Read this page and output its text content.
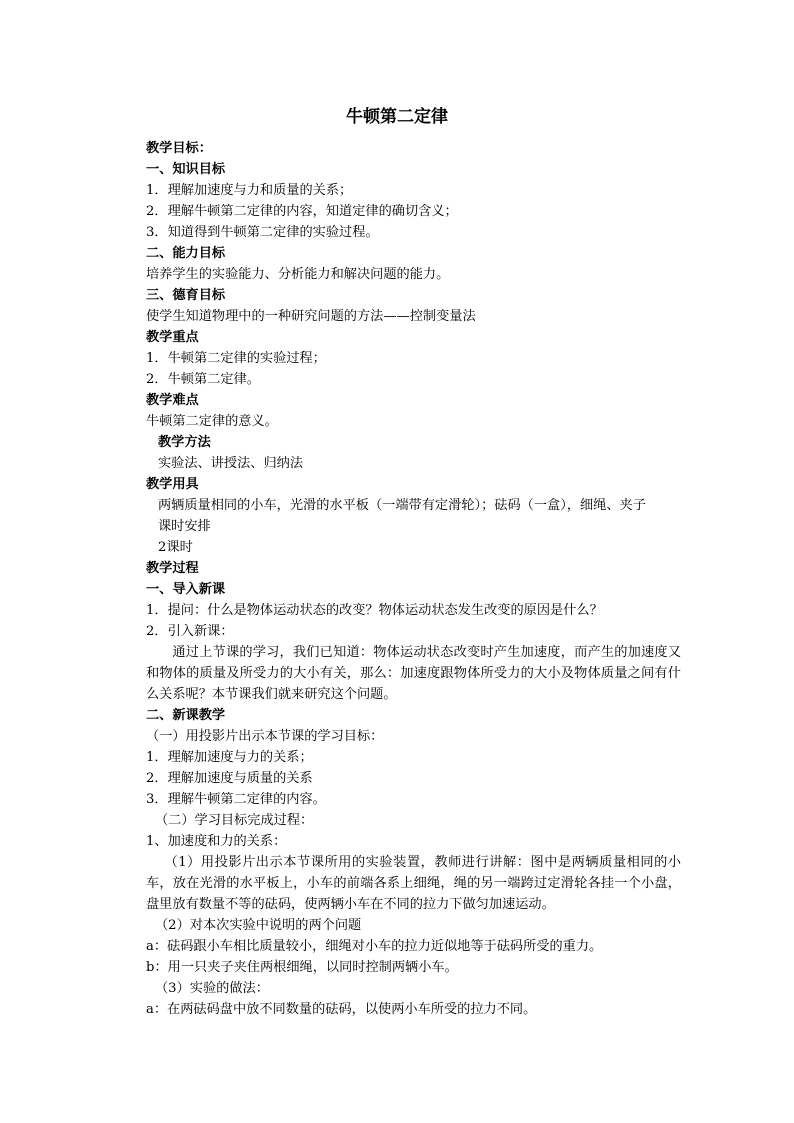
牛顿第二定律

教学目标：

一、知识目标

1．理解加速度与力和质量的关系；

2．理解牛顿第二定律的内容，知道定律的确切含义；

3．知道得到牛顿第二定律的实验过程。

二、能力目标

培养学生的实验能力、分析能力和解决问题的能力。

三、德育目标

使学生知道物理中的一种研究问题的方法——控制变量法

教学重点

1．牛顿第二定律的实验过程；

2．牛顿第二定律。

教学难点

牛顿第二定律的意义。

教学方法

实验法、讲授法、归纳法

教学用具

两辆质量相同的小车，光滑的水平板（一端带有定滑轮）；砝码（一盒），细绳、夹子

课时安排

2课时

教学过程

一、导入新课

1．提问：什么是物体运动状态的改变？物体运动状态发生改变的原因是什么？

2．引入新课：

通过上节课的学习，我们已知道：物体运动状态改变时产生加速度，而产生的加速度又和物体的质量及所受力的大小有关，那么：加速度跟物体所受力的大小及物体质量之间有什么关系呢？本节课我们就来研究这个问题。

二、新课教学

（一）用投影片出示本节课的学习目标：

1．理解加速度与力的关系；

2．理解加速度与质量的关系

3．理解牛顿第二定律的内容。

（二）学习目标完成过程：

1、加速度和力的关系：

（1）用投影片出示本节课所用的实验装置，教师进行讲解：图中是两辆质量相同的小车，放在光滑的水平板上，小车的前端各系上细绳，绳的另一端跨过定滑轮各挂一个小盘，盘里放有数量不等的砝码，使两辆小车在不同的拉力下做匀加速运动。

（2）对本次实验中说明的两个问题

a：砝码跟小车相比质量较小，细绳对小车的拉力近似地等于砝码所受的重力。

b：用一只夹子夹住两根细绳，以同时控制两辆小车。

（3）实验的做法：

a：在两砝码盘中放不同数量的砝码，以使两小车所受的拉力不同。
